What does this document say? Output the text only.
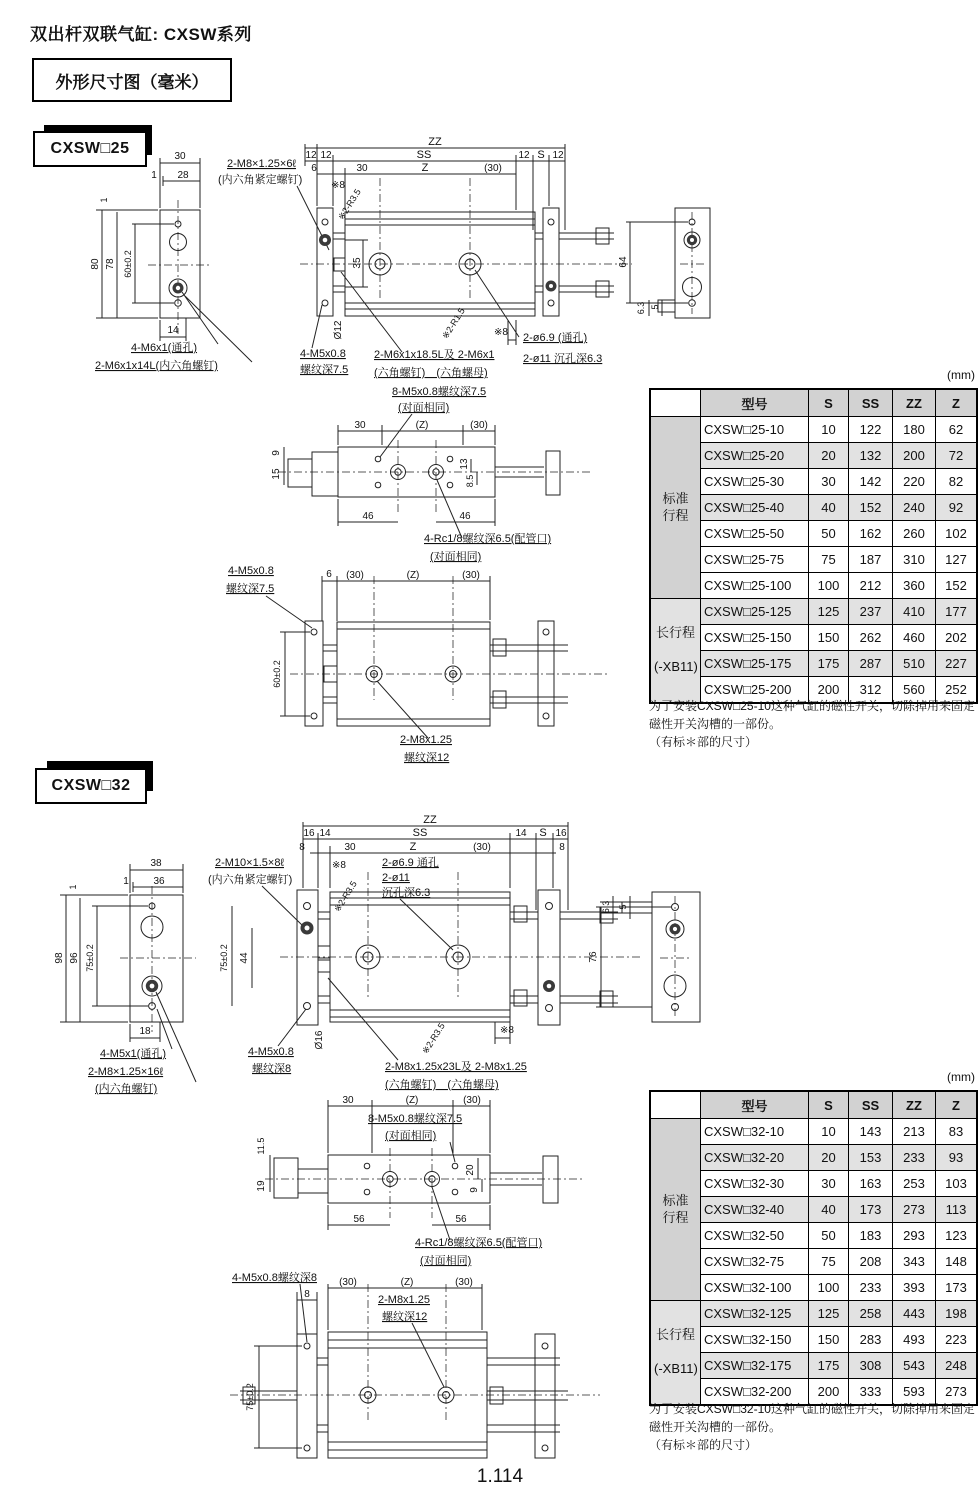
双出杆双联气缸: CXSW系列
外形尺寸图（毫米）
CXSW□25	30
28
1
1
80 78 60±0.2
14
4-M6x1(通孔)
2-M6x1x14L(内六角螺钉)
2-M8×1.25×6ℓ
(内六角紧定螺钉)
ZZ
12 12	SS	12 S 12
6	30	Z	(30)
※8
※2-R3.5
35
Ø12	※2-R1.5	※8 2-ø6.9 (通孔)
2-ø11 沉孔深6.3
4-M5x0.8
螺纹深7.5
2-M6x1x18.5L及 2-M6x1
(六角螺钉)　(六角螺母)
64
6.3 5
8-M5x0.8螺纹深7.5
(对面相同)
30	(Z)	(30)
9
15
13
8.5
46	46
4-Rc1/8螺纹深6.5(配管口)
(对面相同)
4-M5x0.8
螺纹深7.5
6 (30)	(Z)	(30)
60±0.2
2-M8x1.25
螺纹深12
(mm)
	型号	S	SS	ZZ	Z
标准
行程	CXSW□25-10	10	122	180	62
	CXSW□25-20	20	132	200	72
	CXSW□25-30	30	142	220	82
	CXSW□25-40	40	152	240	92
	CXSW□25-50	50	162	260	102
	CXSW□25-75	75	187	310	127
	CXSW□25-100	100	212	360	152
长行程

(-XB11)	CXSW□25-125	125	237	410	177
	CXSW□25-150	150	262	460	202
	CXSW□25-175	175	287	510	227
	CXSW□25-200	200	312	560	252
为了安装CXSW□25-10这种气缸的磁性开关，切除掉用来固定
磁性开关沟槽的一部份。
（有标＊部的尺寸）
CXSW□32
38
36
1
1
98 96 75±0.2
18
4-M5x1(通孔)
2-M8×1.25×16ℓ
(内六角螺钉)
2-M10×1.5×8ℓ
(内六角紧定螺钉)
75±0.2 44
4-M5x0.8
螺纹深8
ZZ
16 14	SS	14 S 16
8	30	Z	(30)	8
※8
※2-R3.5
2-ø6.9 通孔
2-ø11
沉孔深6.3
Ø16	※2-R3.5	※8
2-M8x1.25x23L及 2-M8x1.25
(六角螺钉)　(六角螺母)
6.3 5
76
30	(Z)	(30)
8-M5x0.8螺纹深7.5
(对面相同)
11.5
19
20
9
56	56
4-Rc1/8螺纹深6.5(配管口)
(对面相同)
4-M5x0.8螺纹深8
8
(30)	(Z)	(30)
2-M8x1.25
螺纹深12
75±0.2
(mm)
	型号	S	SS	ZZ	Z
标准
行程	CXSW□32-10	10	143	213	83
	CXSW□32-20	20	153	233	93
	CXSW□32-30	30	163	253	103
	CXSW□32-40	40	173	273	113
	CXSW□32-50	50	183	293	123
	CXSW□32-75	75	208	343	148
	CXSW□32-100	100	233	393	173
长行程

(-XB11)	CXSW□32-125	125	258	443	198
	CXSW□32-150	150	283	493	223
	CXSW□32-175	175	308	543	248
	CXSW□32-200	200	333	593	273
为了安装CXSW□32-10这种气缸的磁性开关，切除掉用来固定
磁性开关沟槽的一部份。
（有标＊部的尺寸）
1.114
